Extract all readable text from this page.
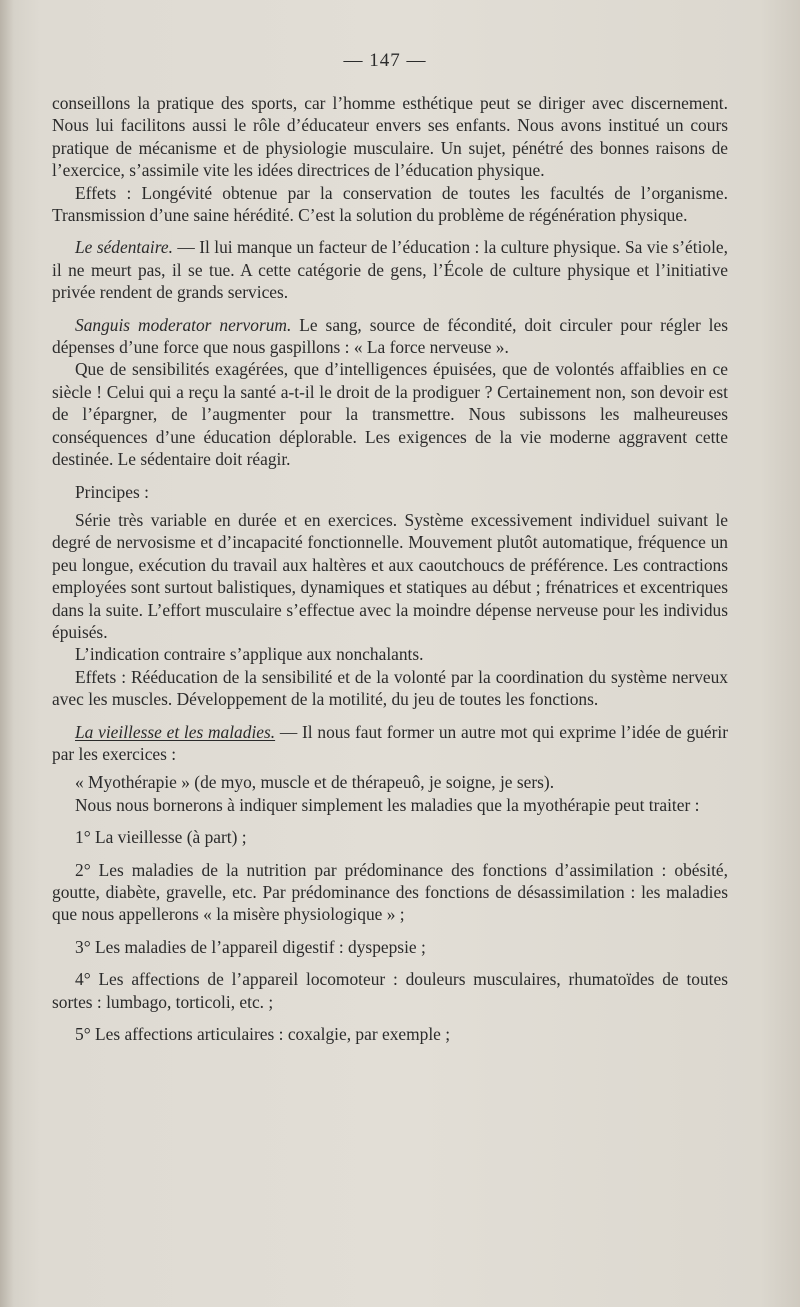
— 147 —

conseillons la pratique des sports, car l’homme esthétique peut se diriger avec discernement. Nous lui facilitons aussi le rôle d’éducateur envers ses enfants. Nous avons institué un cours pratique de mécanisme et de physiologie musculaire. Un sujet, pénétré des bonnes raisons de l’exercice, s’assimile vite les idées directrices de l’éducation physique.

Effets : Longévité obtenue par la conservation de toutes les facultés de l’organisme. Transmission d’une saine hérédité. C’est la solution du problème de régénération physique.

Le sédentaire. — Il lui manque un facteur de l’éducation : la culture physique. Sa vie s’étiole, il ne meurt pas, il se tue. A cette catégorie de gens, l’École de culture physique et l’initiative privée rendent de grands services.

Sanguis moderator nervorum. Le sang, source de fécondité, doit circuler pour régler les dépenses d’une force que nous gaspillons : « La force nerveuse ».

Que de sensibilités exagérées, que d’intelligences épuisées, que de volontés affaiblies en ce siècle ! Celui qui a reçu la santé a-t-il le droit de la prodiguer ? Certainement non, son devoir est de l’épargner, de l’augmenter pour la transmettre. Nous subissons les malheureuses conséquences d’une éducation déplorable. Les exigences de la vie moderne aggravent cette destinée. Le sédentaire doit réagir.

Principes :

Série très variable en durée et en exercices. Système excessivement individuel suivant le degré de nervosisme et d’incapacité fonctionnelle. Mouvement plutôt automatique, fréquence un peu longue, exécution du travail aux haltères et aux caoutchoucs de préférence. Les contractions employées sont surtout balistiques, dynamiques et statiques au début ; frénatrices et excentriques dans la suite. L’effort musculaire s’effectue avec la moindre dépense nerveuse pour les individus épuisés.

L’indication contraire s’applique aux nonchalants.

Effets : Rééducation de la sensibilité et de la volonté par la coordination du système nerveux avec les muscles. Développement de la motilité, du jeu de toutes les fonctions.

La vieillesse et les maladies. — Il nous faut former un autre mot qui exprime l’idée de guérir par les exercices :

« Myothérapie » (de myo, muscle et de thérapeuô, je soigne, je sers).

Nous nous bornerons à indiquer simplement les maladies que la myothérapie peut traiter :

1° La vieillesse (à part) ;

2° Les maladies de la nutrition par prédominance des fonctions d’assimilation : obésité, goutte, diabète, gravelle, etc. Par prédominance des fonctions de désassimilation : les maladies que nous appellerons « la misère physiologique » ;

3° Les maladies de l’appareil digestif : dyspepsie ;

4° Les affections de l’appareil locomoteur : douleurs musculaires, rhumatoïdes de toutes sortes : lumbago, torticoli, etc. ;

5° Les affections articulaires : coxalgie, par exemple ;
